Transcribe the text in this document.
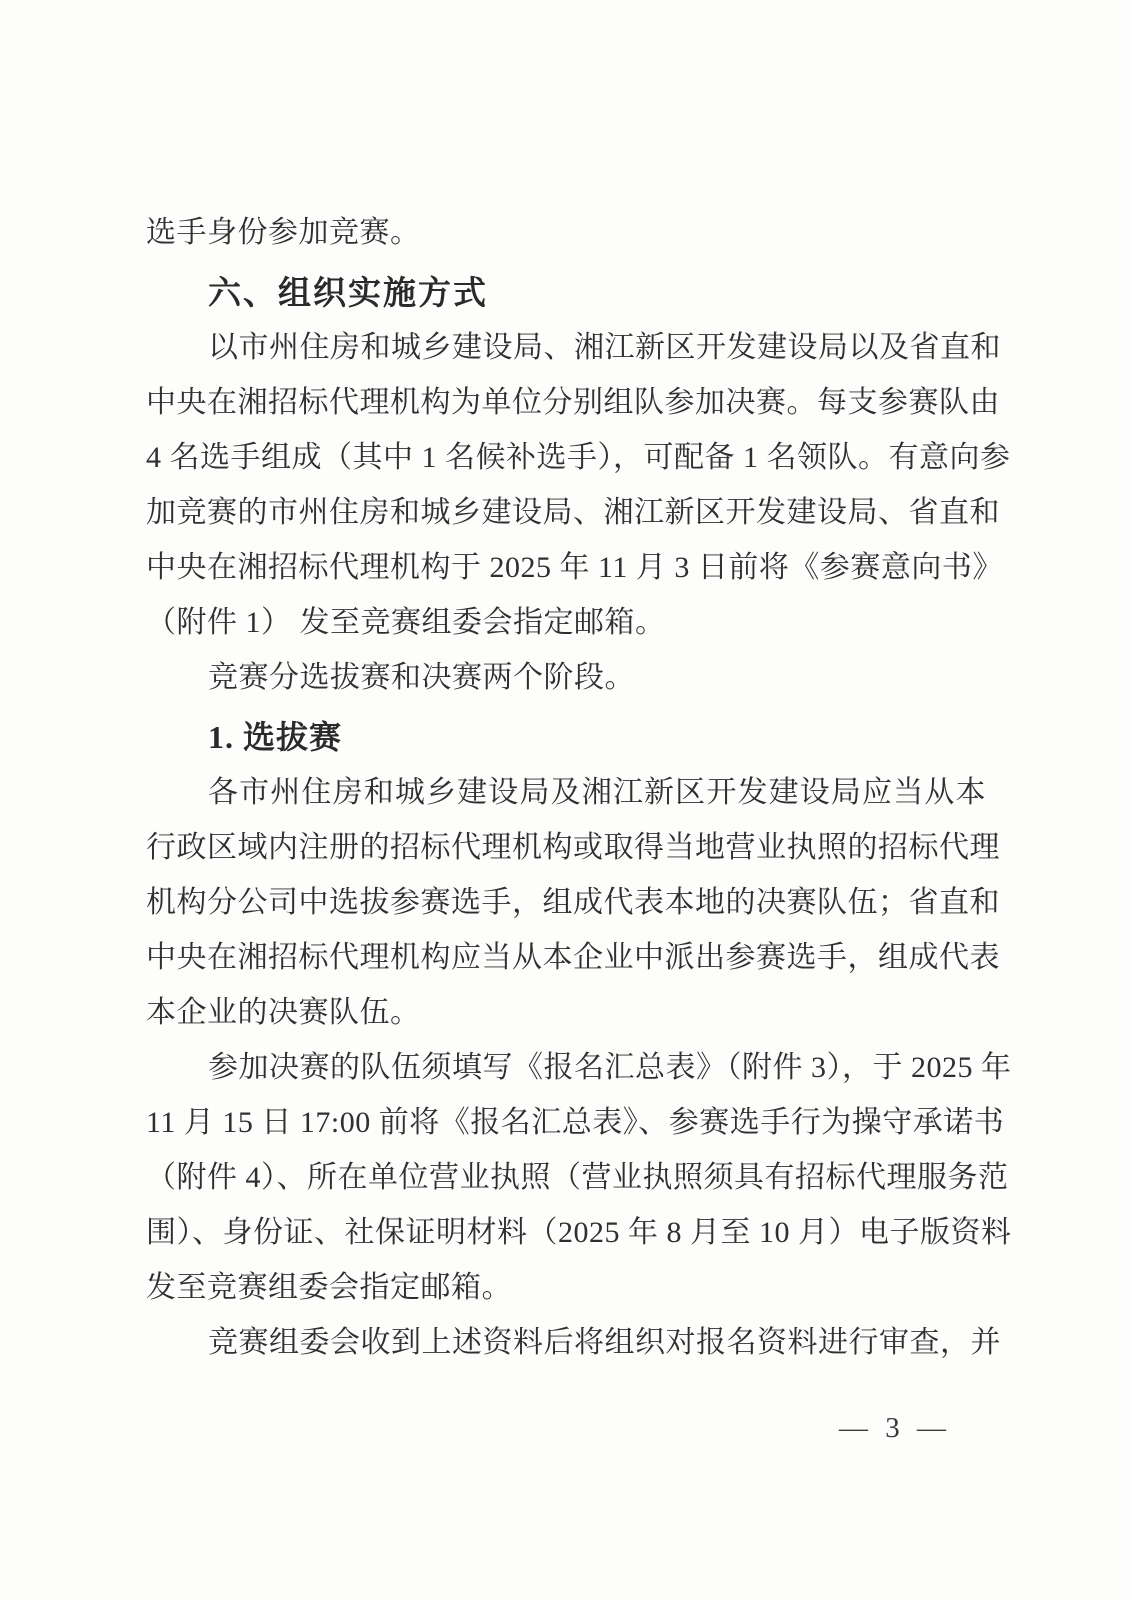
选手身份参加竞赛。
六、组织实施方式
以市州住房和城乡建设局、湘江新区开发建设局以及省直和
中央在湘招标代理机构为单位分别组队参加决赛。每支参赛队由
4 名选手组成（其中 1 名候补选手），可配备 1 名领队。有意向参
加竞赛的市州住房和城乡建设局、湘江新区开发建设局、省直和
中央在湘招标代理机构于 2025 年 11 月 3 日前将《参赛意向书》
（附件 1） 发至竞赛组委会指定邮箱。
竞赛分选拔赛和决赛两个阶段。
1. 选拔赛
各市州住房和城乡建设局及湘江新区开发建设局应当从本
行政区域内注册的招标代理机构或取得当地营业执照的招标代理
机构分公司中选拔参赛选手，组成代表本地的决赛队伍；省直和
中央在湘招标代理机构应当从本企业中派出参赛选手，组成代表
本企业的决赛队伍。
参加决赛的队伍须填写《报名汇总表》（附件 3），于 2025 年
11 月 15 日 17:00 前将《报名汇总表》、参赛选手行为操守承诺书
（附件 4）、所在单位营业执照（营业执照须具有招标代理服务范
围）、身份证、社保证明材料（2025 年 8 月至 10 月）电子版资料
发至竞赛组委会指定邮箱。
竞赛组委会收到上述资料后将组织对报名资料进行审查，并
— 3 —
